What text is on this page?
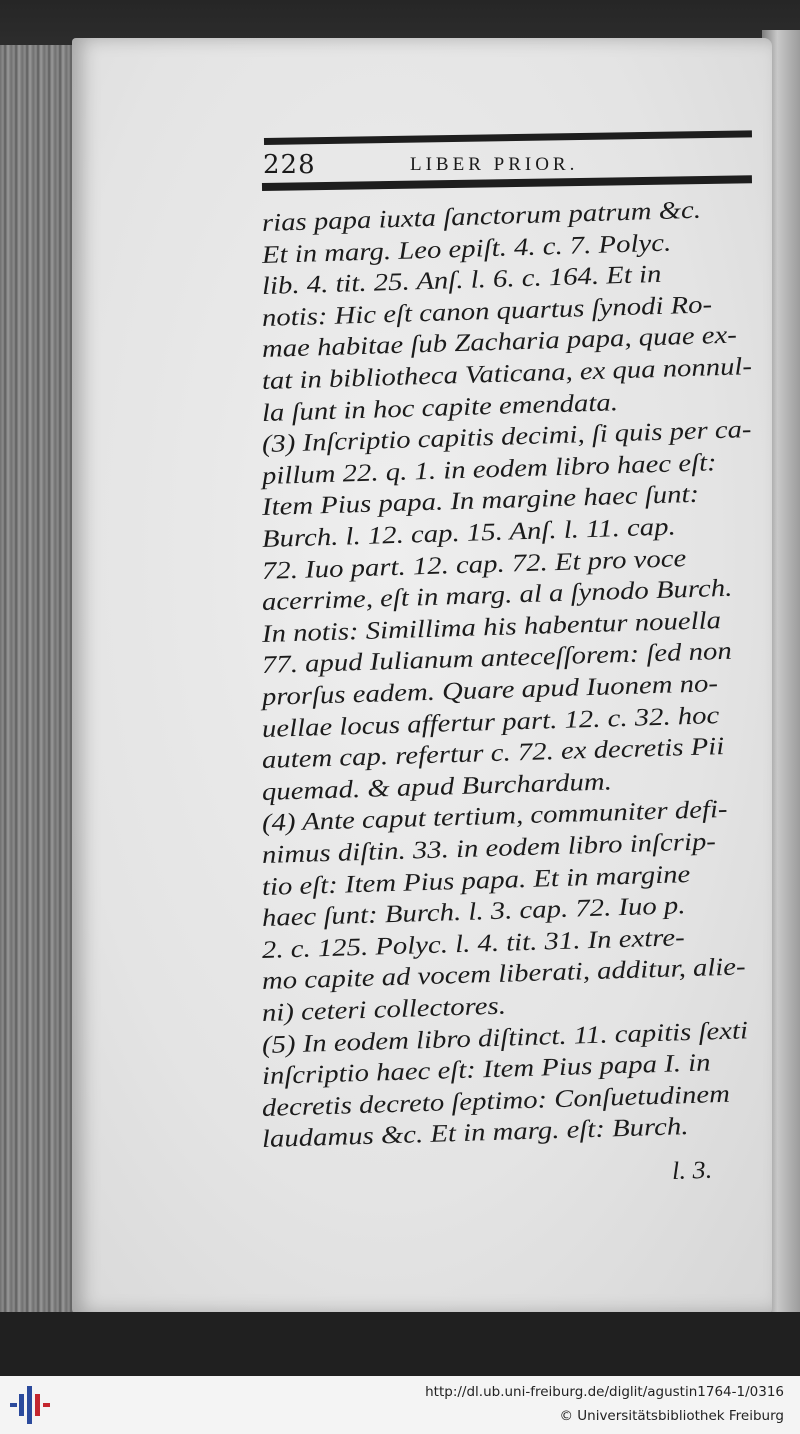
228	LIBER PRIOR.
rias papa iuxta ſanctorum patrum &c.
Et in marg. Leo epiſt. 4. c. 7. Polyc.
lib. 4. tit. 25. Anſ. l. 6. c. 164. Et in
notis: Hic eſt canon quartus ſynodi Ro-
mae habitae ſub Zacharia papa, quae ex-
tat in bibliotheca Vaticana, ex qua nonnul-
la ſunt in hoc capite emendata.
(3) Inſcriptio capitis decimi, ſi quis per ca-
pillum 22. q. 1. in eodem libro haec eſt:
Item Pius papa. In margine haec ſunt:
Burch. l. 12. cap. 15. Anſ. l. 11. cap.
72. Iuo part. 12. cap. 72. Et pro voce
acerrime, eſt in marg. al a ſynodo Burch.
In notis: Simillima his habentur nouella
77. apud Iulianum anteceſſorem: ſed non
prorſus eadem. Quare apud Iuonem no-
uellae locus affertur part. 12. c. 32. hoc
autem cap. refertur c. 72. ex decretis Pii
quemad. & apud Burchardum.
(4) Ante caput tertium, communiter defi-
nimus diſtin. 33. in eodem libro inſcrip-
tio eſt: Item Pius papa. Et in margine
haec ſunt: Burch. l. 3. cap. 72. Iuo p.
2. c. 125. Polyc. l. 4. tit. 31. In extre-
mo capite ad vocem liberati, additur, alie-
ni) ceteri collectores.
(5) In eodem libro diſtinct. 11. capitis ſexti
inſcriptio haec eſt: Item Pius papa I. in
decretis decreto ſeptimo: Conſuetudinem
laudamus &c. Et in marg. eſt: Burch.
l. 3.
http://dl.ub.uni-freiburg.de/diglit/agustin1764-1/0316
© Universitätsbibliothek Freiburg
